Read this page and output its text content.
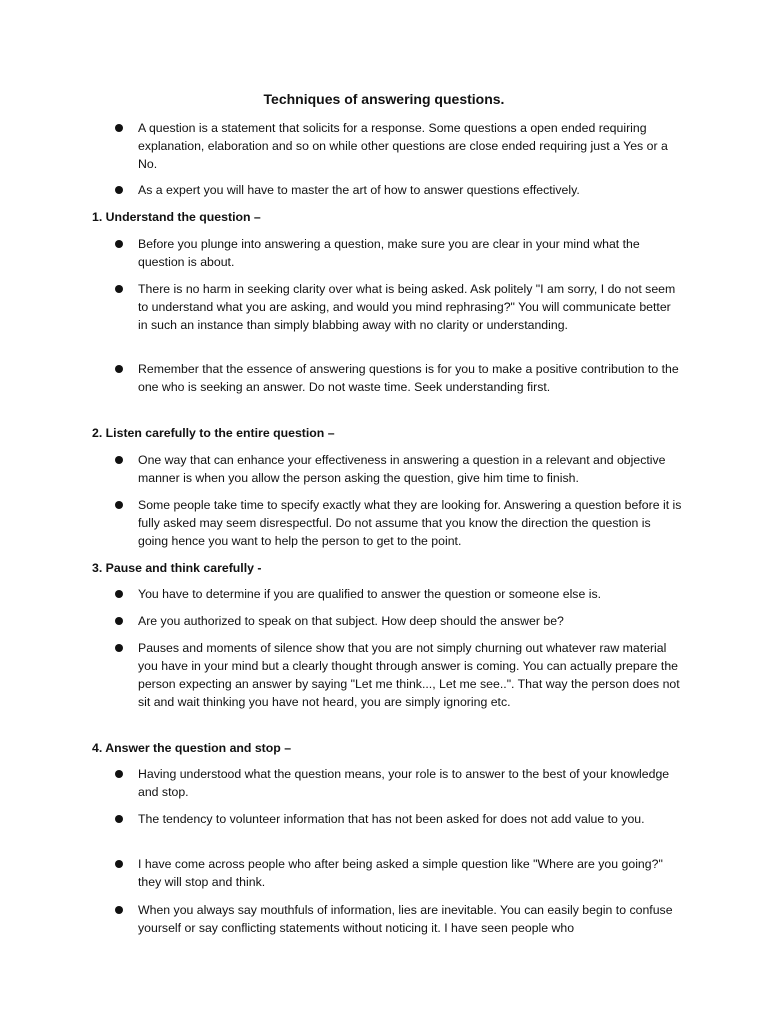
Techniques of answering questions.
A question is a statement that solicits for a response. Some questions a open ended requiring explanation, elaboration and so on while other questions are close ended requiring just a Yes or a No.
As a expert you will have to master the art of how to answer questions effectively.
1. Understand the question –
Before you plunge into answering a question, make sure you are clear in your mind what the question is about.
There is no harm in seeking clarity over what is being asked. Ask politely "I am sorry, I do not seem to understand what you are asking, and would you mind rephrasing?" You will communicate better in such an instance than simply blabbing away with no clarity or understanding.
Remember that the essence of answering questions is for you to make a positive contribution to the one who is seeking an answer. Do not waste time. Seek understanding first.
2. Listen carefully to the entire question –
One way that can enhance your effectiveness in answering a question in a relevant and objective manner is when you allow the person asking the question, give him time to finish.
Some people take time to specify exactly what they are looking for. Answering a question before it is fully asked may seem disrespectful. Do not assume that you know the direction the question is going hence you want to help the person to get to the point.
3. Pause and think carefully -
You have to determine if you are qualified to answer the question or someone else is.
Are you authorized to speak on that subject. How deep should the answer be?
Pauses and moments of silence show that you are not simply churning out whatever raw material you have in your mind but a clearly thought through answer is coming. You can actually prepare the person expecting an answer by saying "Let me think..., Let me see..". That way the person does not sit and wait thinking you have not heard, you are simply ignoring etc.
4. Answer the question and stop –
Having understood what the question means, your role is to answer to the best of your knowledge and stop.
The tendency to volunteer information that has not been asked for does not add value to you.
I have come across people who after being asked a simple question like "Where are you going?" they will stop and think.
When you always say mouthfuls of information, lies are inevitable. You can easily begin to confuse yourself or say conflicting statements without noticing it. I have seen people who
